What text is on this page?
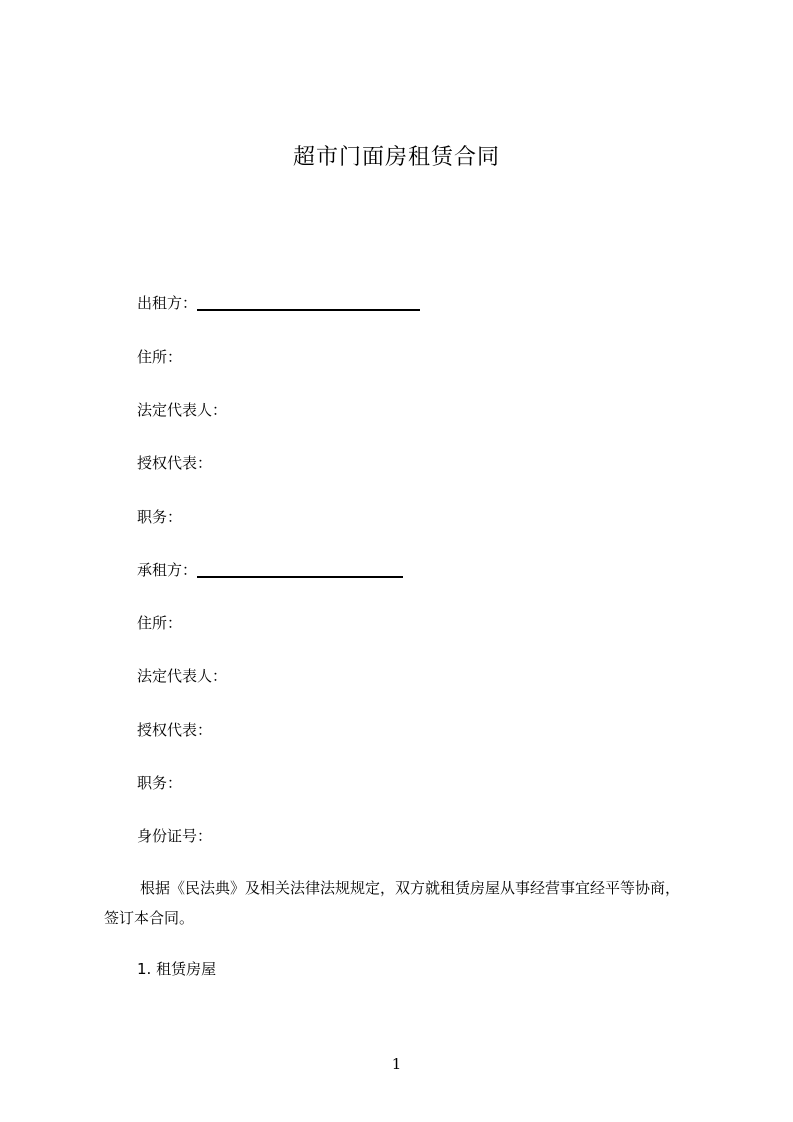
超市门面房租赁合同
出租方：
住所：
法定代表人：
授权代表：
职务：
承租方：
住所：
法定代表人：
授权代表：
职务：
身份证号：
根据《民法典》及相关法律法规规定，双方就租赁房屋从事经营事宜经平等协商，
签订本合同。
1. 租赁房屋
1
